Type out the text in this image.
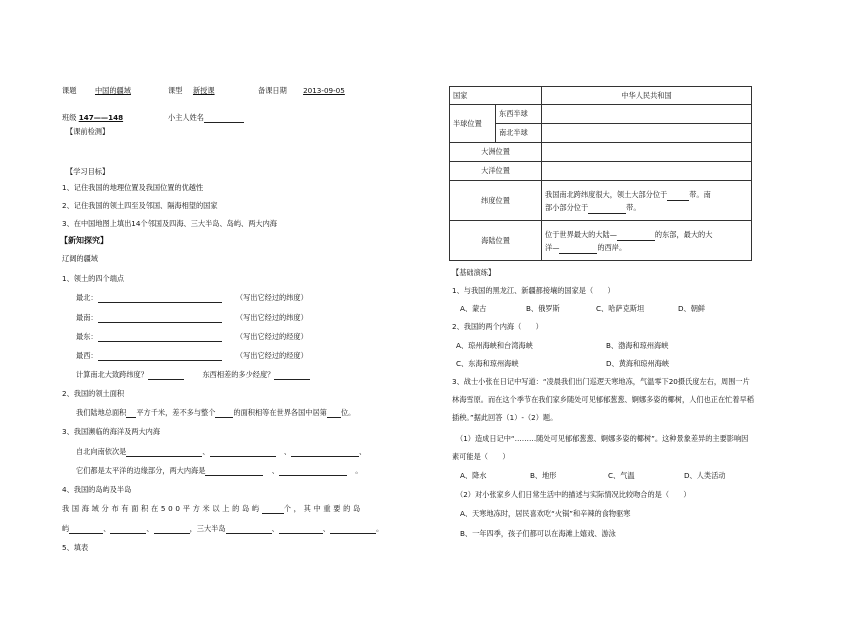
课题	中国的疆域	课型 新授课	备课日期 2013-09-05
班级 147——148	小主人姓名
【课前检测】
【学习目标】
1、记住我国的地理位置及我国位置的优越性
2、记住我国的领土四至及邻国、隔海相望的国家
3、在中国地图上填出14个邻国及四海、三大半岛、岛屿、两大内海
【新知探究】
辽阔的疆域
1、领土的四个端点
最北：	（写出它经过的纬度）
最南：	（写出它经过的纬度）
最东：	（写出它经过的经度）
最西：	（写出它经过的经度）
计算南北大致跨纬度？	东西相差的多少经度？
2、我国的领土面积
我们陆地总面积 平方千米，差不多与整个	的面积相等在世界各国中居第 位。
3、我国濒临的海洋及两大内海
自北向南依次是	、	、	、
它们都是太平洋的边缘部分，两大内海是	、	。
4、我国的岛屿及半岛
我国海域分布有面积在500平方米以上的岛屿	个，其中重要的岛
屿	、	、	，三大半岛	、	、	。
5、填表
国家		中华人民共和国
半球位置	东西半球	
	南北半球	
大洲位置		
大洋位置		
纬度位置		我国南北跨纬度很大，领土大部分位于 带。南
部小部分位于 带。
海陆位置		位于世界最大的大陆— 的东部，最大的大
洋— 的西岸。
【基础演练】
1、与我国的黑龙江、新疆都接壤的国家是（　　）
A、蒙古	B、俄罗斯	C、哈萨克斯坦	D、朝鲜
2、我国的两个内海（　　）
A、琼州海峡和台湾海峡	B、渤海和琼州海峡
C、东海和琼州海峡	D、黄海和琼州海峡
3、战士小张在日记中写道：“凌晨我们出门巡逻天寒地冻，气温零下20摄氏度左右，周围一片
林海雪原。而在这个季节在我们家乡随处可见郁郁葱葱、婀娜多姿的椰树，人们也正在忙着早稻
插秧。”据此回答（1）-（2）题。
（1）造成日记中“………随处可见郁郁葱葱、婀娜多姿的椰树”。这种景象差异的主要影响因
素可能是（　　）
A、降水	B、地形	C、气温	D、人类活动
（2）对小张家乡人们日常生活中的描述与实际情况比较吻合的是（　　）
A、天寒地冻时，居民喜欢吃“火锅”和辛辣的食物驱寒
B、一年四季，孩子们都可以在海滩上嬉戏、游泳
